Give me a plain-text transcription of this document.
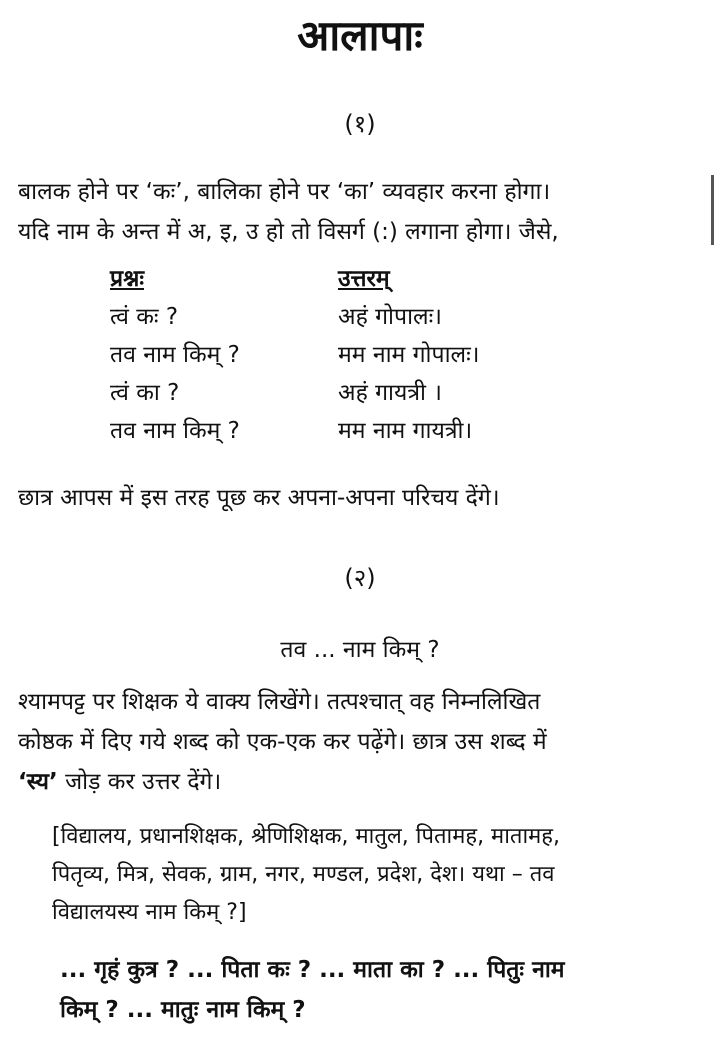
आलापाः
(१)
बालक होने पर ‘कः’, बालिका होने पर ‘का’ व्यवहार करना होगा।
यदि नाम के अन्त में अ, इ, उ हो तो विसर्ग (:) लगाना होगा। जैसे,
प्रश्नः	उत्तरम्
त्वं कः ?	अहं गोपालः।
तव नाम किम् ?	मम नाम गोपालः।
त्वं का ?	अहं गायत्री ।
तव नाम किम् ?	मम नाम गायत्री।
छात्र आपस में इस तरह पूछ कर अपना-अपना परिचय देंगे।
(२)
तव ... नाम किम् ?
श्यामपट्ट पर शिक्षक ये वाक्य लिखेंगे। तत्पश्चात् वह निम्नलिखित
कोष्ठक में दिए गये शब्द को एक-एक कर पढ़ेंगे। छात्र उस शब्द में
‘स्य’ जोड़ कर उत्तर देंगे।
[विद्यालय, प्रधानशिक्षक, श्रेणिशिक्षक, मातुल, पितामह, मातामह,
पितृव्य, मित्र, सेवक, ग्राम, नगर, मण्डल, प्रदेश, देश। यथा – तव
विद्यालयस्य नाम किम् ?]
... गृहं कुत्र ? ... पिता कः ? ... माता का ? ... पितुः नाम
किम् ? ... मातुः नाम किम् ?
